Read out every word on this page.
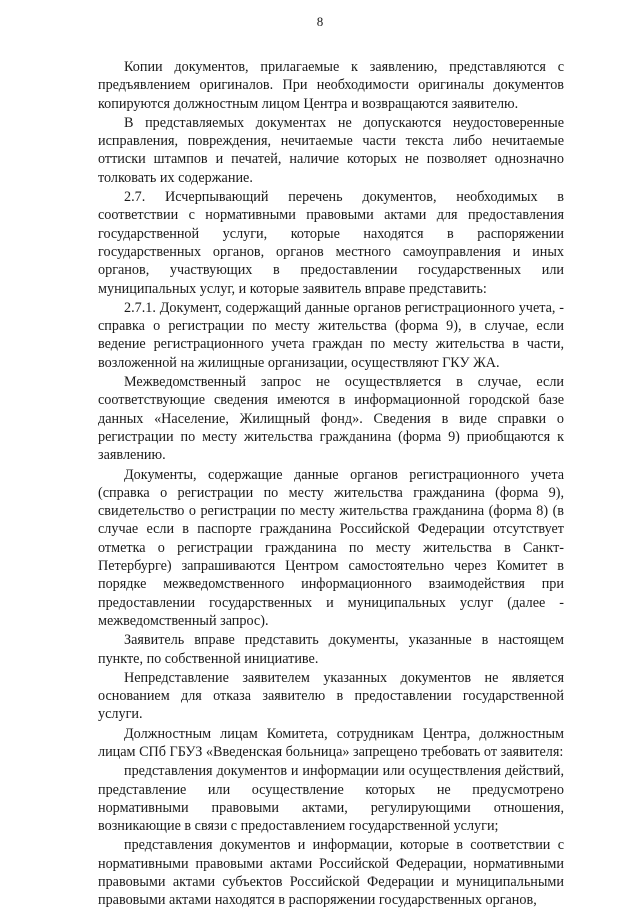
8

Копии документов, прилагаемые к заявлению, представляются с предъявлением оригиналов. При необходимости оригиналы документов копируются должностным лицом Центра и возвращаются заявителю.

В представляемых документах не допускаются неудостоверенные исправления, повреждения, нечитаемые части текста либо нечитаемые оттиски штампов и печатей, наличие которых не позволяет однозначно толковать их содержание.

2.7. Исчерпывающий перечень документов, необходимых в соответствии с нормативными правовыми актами для предоставления государственной услуги, которые находятся в распоряжении государственных органов, органов местного самоуправления и иных органов, участвующих в предоставлении государственных или муниципальных услуг, и которые заявитель вправе представить:

2.7.1. Документ, содержащий данные органов регистрационного учета, - справка о регистрации по месту жительства (форма 9), в случае, если ведение регистрационного учета граждан по месту жительства в части, возложенной на жилищные организации, осуществляют ГКУ ЖА.

Межведомственный запрос не осуществляется в случае, если соответствующие сведения имеются в информационной городской базе данных «Население, Жилищный фонд». Сведения в виде справки о регистрации по месту жительства гражданина (форма 9) приобщаются к заявлению.

Документы, содержащие данные органов регистрационного учета (справка о регистрации по месту жительства гражданина (форма 9), свидетельство о регистрации по месту жительства гражданина (форма 8) (в случае если в паспорте гражданина Российской Федерации отсутствует отметка о регистрации гражданина по месту жительства в Санкт-Петербурге) запрашиваются Центром самостоятельно через Комитет в порядке межведомственного информационного взаимодействия при предоставлении государственных и муниципальных услуг (далее - межведомственный запрос).

Заявитель вправе представить документы, указанные в настоящем пункте, по собственной инициативе.

Непредставление заявителем указанных документов не является основанием для отказа заявителю в предоставлении государственной услуги.

Должностным лицам Комитета, сотрудникам Центра, должностным лицам СПб ГБУЗ «Введенская больница» запрещено требовать от заявителя:

представления документов и информации или осуществления действий, представление или осуществление которых не предусмотрено нормативными правовыми актами, регулирующими отношения, возникающие в связи с предоставлением государственной услуги;

представления документов и информации, которые в соответствии с нормативными правовыми актами Российской Федерации, нормативными правовыми актами субъектов Российской Федерации и муниципальными правовыми актами находятся в распоряжении государственных органов,
